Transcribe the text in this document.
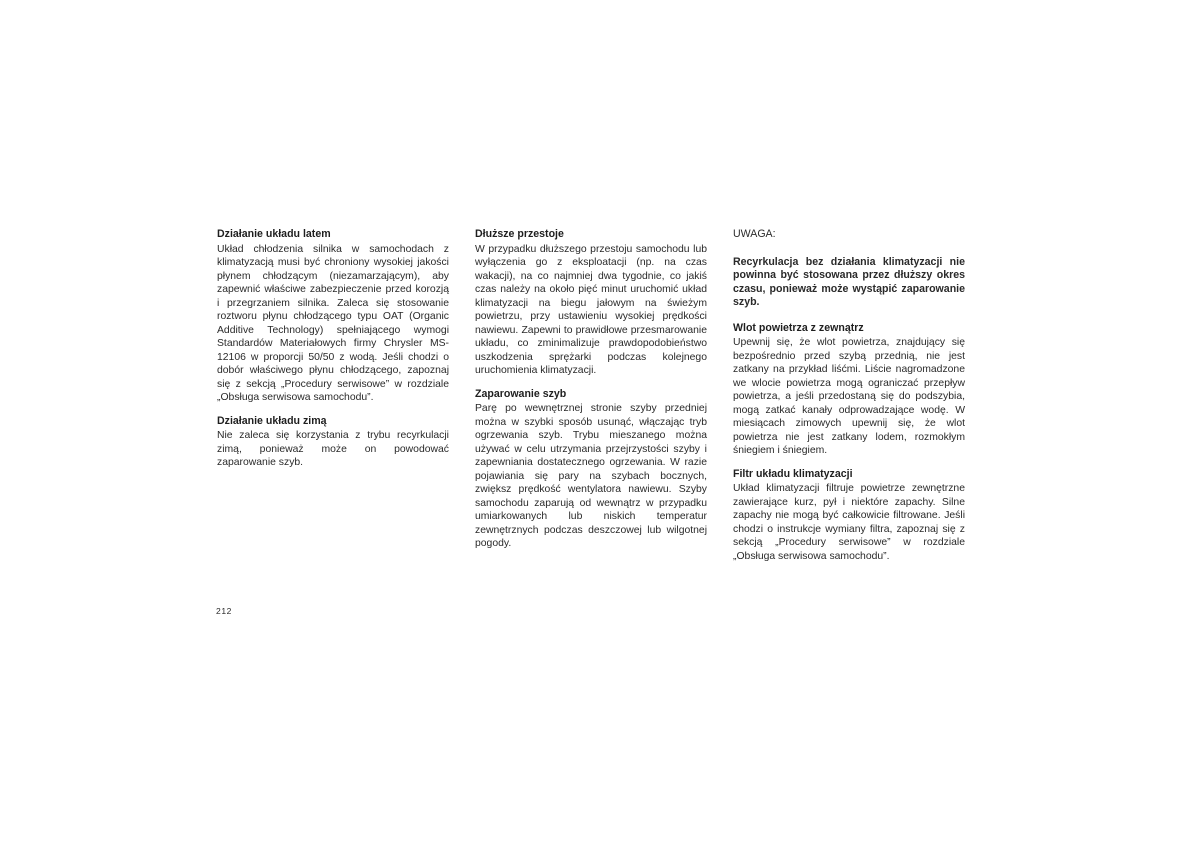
Działanie układu latem

Układ chłodzenia silnika w samochodach z klimatyzacją musi być chroniony wysokiej jakości płynem chłodzącym (niezamarzającym), aby zapewnić właściwe zabezpieczenie przed korozją i przegrzaniem silnika. Zaleca się stosowanie roztworu płynu chłodzącego typu OAT (Organic Additive Technology) spełniającego wymogi Standardów Materiałowych firmy Chrysler MS-12106 w proporcji 50/50 z wodą. Jeśli chodzi o dobór właściwego płynu chłodzącego, zapoznaj się z sekcją „Procedury serwisowe” w rozdziale „Obsługa serwisowa samochodu”.

Działanie układu zimą

Nie zaleca się korzystania z trybu recyrkulacji zimą, ponieważ może on powodować zaparowanie szyb.

Dłuższe przestoje

W przypadku dłuższego przestoju samochodu lub wyłączenia go z eksploatacji (np. na czas wakacji), na co najmniej dwa tygodnie, co jakiś czas należy na około pięć minut uruchomić układ klimatyzacji na biegu jałowym na świeżym powietrzu, przy ustawieniu wysokiej prędkości nawiewu. Zapewni to prawidłowe przesmarowanie układu, co zminimalizuje prawdopodobieństwo uszkodzenia sprężarki podczas kolejnego uruchomienia klimatyzacji.

Zaparowanie szyb

Parę po wewnętrznej stronie szyby przedniej można w szybki sposób usunąć, włączając tryb ogrzewania szyb. Trybu mieszanego można używać w celu utrzymania przejrzystości szyby i zapewniania dostatecznego ogrzewania. W razie pojawiania się pary na szybach bocznych, zwiększ prędkość wentylatora nawiewu. Szyby samochodu zaparują od wewnątrz w przypadku umiarkowanych lub niskich temperatur zewnętrznych podczas deszczowej lub wilgotnej pogody.

UWAGA:

Recyrkulacja bez działania klimatyzacji nie powinna być stosowana przez dłuższy okres czasu, ponieważ może wystąpić zaparowanie szyb.

Wlot powietrza z zewnątrz

Upewnij się, że wlot powietrza, znajdujący się bezpośrednio przed szybą przednią, nie jest zatkany na przykład liśćmi. Liście nagromadzone we wlocie powietrza mogą ograniczać przepływ powietrza, a jeśli przedostaną się do podszybia, mogą zatkać kanały odprowadzające wodę. W miesiącach zimowych upewnij się, że wlot powietrza nie jest zatkany lodem, rozmokłym śniegiem i śniegiem.

Filtr układu klimatyzacji

Układ klimatyzacji filtruje powietrze zewnętrzne zawierające kurz, pył i niektóre zapachy. Silne zapachy nie mogą być całkowicie filtrowane. Jeśli chodzi o instrukcje wymiany filtra, zapoznaj się z sekcją „Procedury serwisowe” w rozdziale „Obsługa serwisowa samochodu”.

212
